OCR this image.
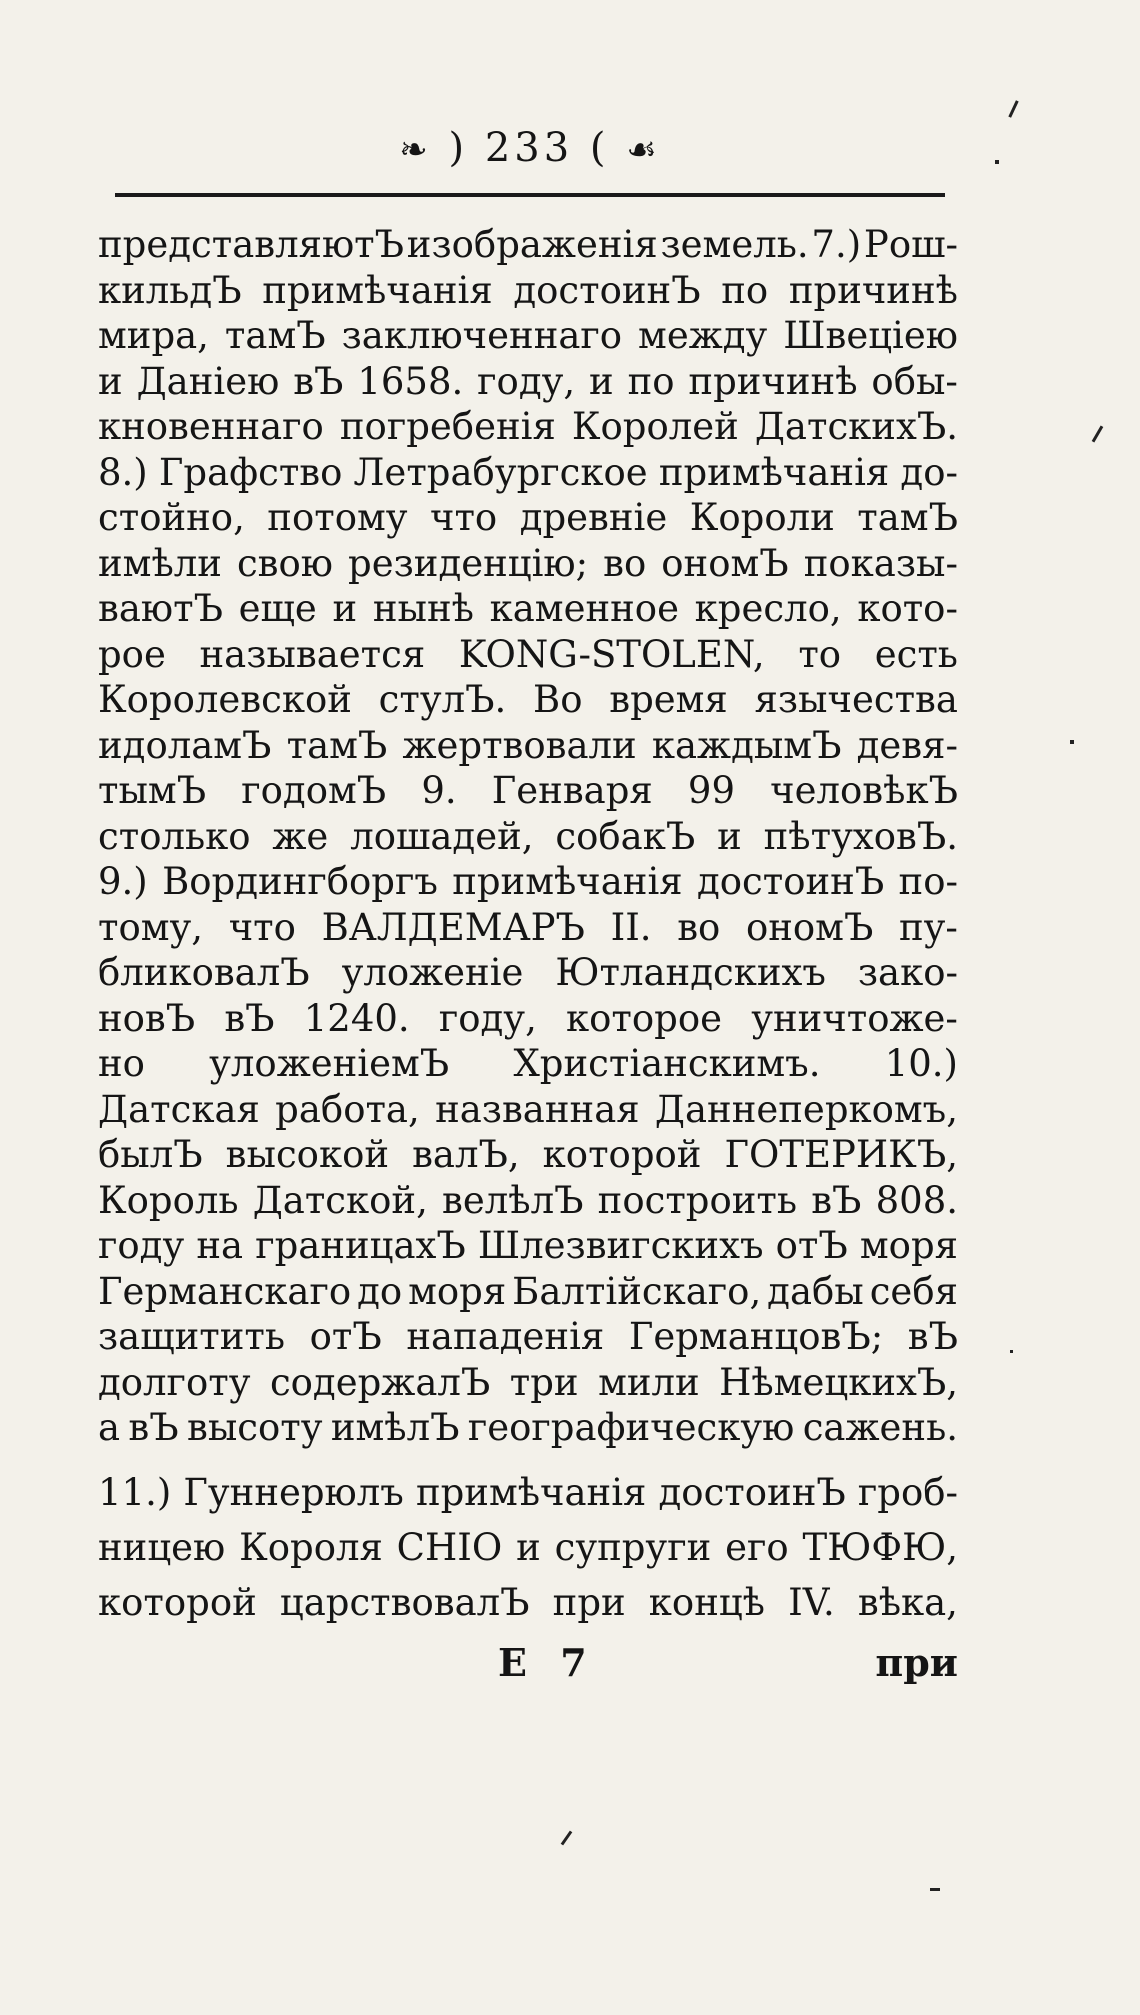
❧ ) 233 ( ☙
представляютЪ изображенія земель. 7.) Рош-
кильдЪ примѣчанія достоинЪ по причинѣ
мира, тамЪ заключеннаго между Швеціею
и Даніею вЪ 1658. году, и по причинѣ обы-
кновеннаго погребенія Королей ДатскихЪ.
8.) Графство Летрабургское примѣчанія до-
стойно, потому что древніе Короли тамЪ
имѣли свою резиденцію; во ономЪ показы-
ваютЪ еще и нынѣ каменное кресло, кото-
рое называется KONG-STOLEN, то есть
Королевской стулЪ. Во время язычества
идоламЪ тамЪ жертвовали каждымЪ девя-
тымЪ годомЪ 9. Генваря 99 человѣкЪ
столько же лошадей, собакЪ и пѣтуховЪ.
9.) Вордингборгъ примѣчанія достоинЪ по-
тому, что ВАЛДЕМАРЪ II. во ономЪ пу-
бликовалЪ уложеніе Ютландскихъ зако-
новЪ вЪ 1240. году, которое уничтоже-
но уложеніемЪ Христіанскимъ. 10.)
Датская работа, названная Даннеперкомъ,
былЪ высокой валЪ, которой ГОТЕРИКЪ,
Король Датской, велѣлЪ построить вЪ 808.
году на границахЪ Шлезвигскихъ отЪ моря
Германскаго до моря Балтійскаго, дабы себя
защитить отЪ нападенія ГерманцовЪ; вЪ
долготу содержалЪ три мили НѣмецкихЪ,
а вЪ высоту имѣлЪ географическую сажень.
11.) Гуннерюлъ примѣчанія достоинЪ гроб-
ницею Короля СНІО и супруги его ТЮФЮ,
которой царствовалЪ при концѣ IV. вѣка,
E 7	при
